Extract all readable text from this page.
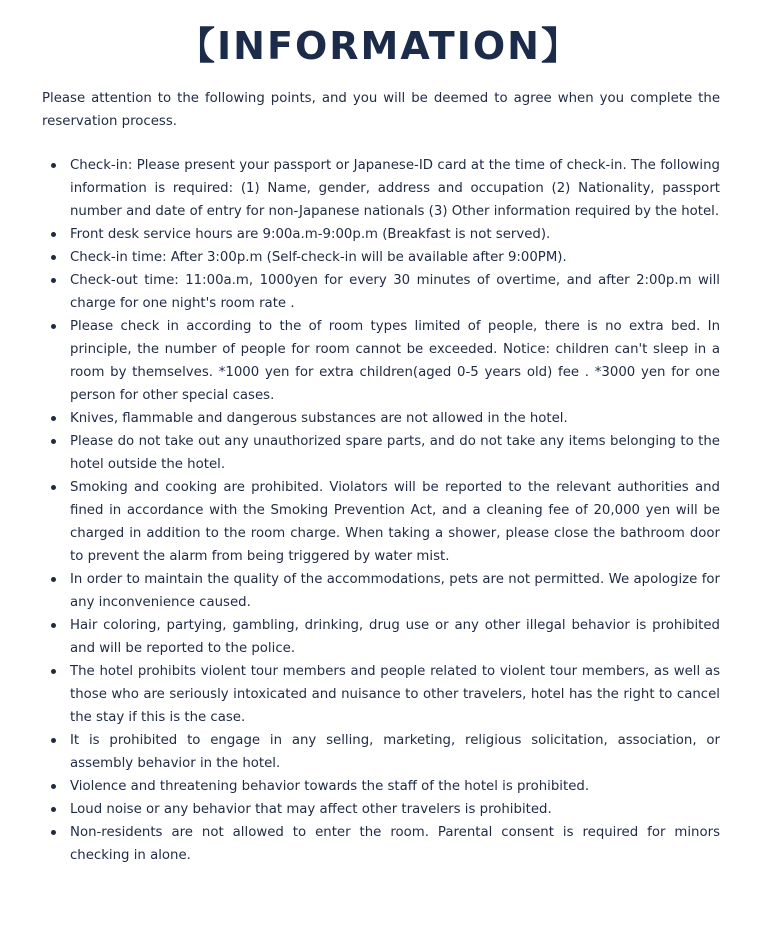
【INFORMATION】

Please attention to the following points, and you will be deemed to agree when you complete the reservation process.

Check-in: Please present your passport or Japanese-ID card at the time of check-in. The following information is required: (1) Name, gender, address and occupation (2) Nationality, passport number and date of entry for non-Japanese nationals (3) Other information required by the hotel.
Front desk service hours are 9:00a.m-9:00p.m (Breakfast is not served).
Check-in time: After 3:00p.m (Self-check-in will be available after 9:00PM).
Check-out time: 11:00a.m, 1000yen for every 30 minutes of overtime, and after 2:00p.m will charge for one night's room rate .
Please check in according to the of room types limited of people, there is no extra bed. In principle, the number of people for room cannot be exceeded. Notice: children can't sleep in a room by themselves. *1000 yen for extra children(aged 0-5 years old) fee . *3000 yen for one person for other special cases.
Knives, flammable and dangerous substances are not allowed in the hotel.
Please do not take out any unauthorized spare parts, and do not take any items belonging to the hotel outside the hotel.
Smoking and cooking are prohibited. Violators will be reported to the relevant authorities and fined in accordance with the Smoking Prevention Act, and a cleaning fee of 20,000 yen will be charged in addition to the room charge. When taking a shower, please close the bathroom door to prevent the alarm from being triggered by water mist.
In order to maintain the quality of the accommodations, pets are not permitted. We apologize for any inconvenience caused.
Hair coloring, partying, gambling, drinking, drug use or any other illegal behavior is prohibited and will be reported to the police.
The hotel prohibits violent tour members and people related to violent tour members, as well as those who are seriously intoxicated and nuisance to other travelers, hotel has the right to cancel the stay if this is the case.
It is prohibited to engage in any selling, marketing, religious solicitation, association, or assembly behavior in the hotel.
Violence and threatening behavior towards the staff of the hotel is prohibited.
Loud noise or any behavior that may affect other travelers is prohibited.
Non-residents are not allowed to enter the room. Parental consent is required for minors checking in alone.
